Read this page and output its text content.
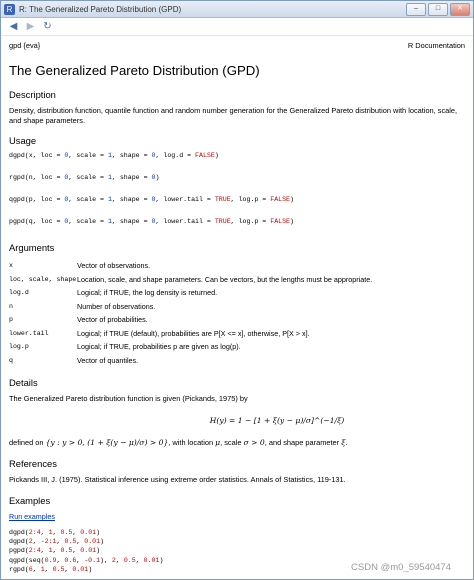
R R: The Generalized Pareto Distribution (GPD)	–	□	✕
◀ ▶ ↻
gpd {eva}	R Documentation
The Generalized Pareto Distribution (GPD)
Description

Density, distribution function, quantile function and random number generation for the Generalized Pareto distribution with location, scale, and shape parameters.

Usage
dgpd(x, loc = 0, scale = 1, shape = 0, log.d = FALSE)
rgpd(n, loc = 0, scale = 1, shape = 0)
qgpd(p, loc = 0, scale = 1, shape = 0, lower.tail = TRUE, log.p = FALSE)
pgpd(q, loc = 0, scale = 1, shape = 0, lower.tail = TRUE, log.p = FALSE)
Arguments
x	Vector of observations.
loc, scale, shape	Location, scale, and shape parameters. Can be vectors, but the lengths must be appropriate.
log.d	Logical; if TRUE, the log density is returned.
n	Number of observations.
p	Vector of probabilities.
lower.tail	Logical; if TRUE (default), probabilities are P[X <= x], otherwise, P[X > x].
log.p	Logical; if TRUE, probabilities p are given as log(p).
q	Vector of quantiles.
Details

The Generalized Pareto distribution function is given (Pickands, 1975) by

H(y) = 1 − [1 + ξ(y − μ)/σ]^(−1/ξ)

defined on {y : y > 0, (1 + ξ(y − μ)/σ) > 0}, with location μ, scale σ > 0, and shape parameter ξ.

References

Pickands III, J. (1975). Statistical inference using extreme order statistics. Annals of Statistics, 119-131.

Examples
Run examples
dgpd(2:4, 1, 0.5, 0.01)
dgpd(2, -2:1, 0.5, 0.01)
pgpd(2:4, 1, 0.5, 0.01)
qgpd(seq(0.9, 0.6, -0.1), 2, 0.5, 0.01)
rgpd(6, 1, 0.5, 0.01)	CSDN @m0_59540474
